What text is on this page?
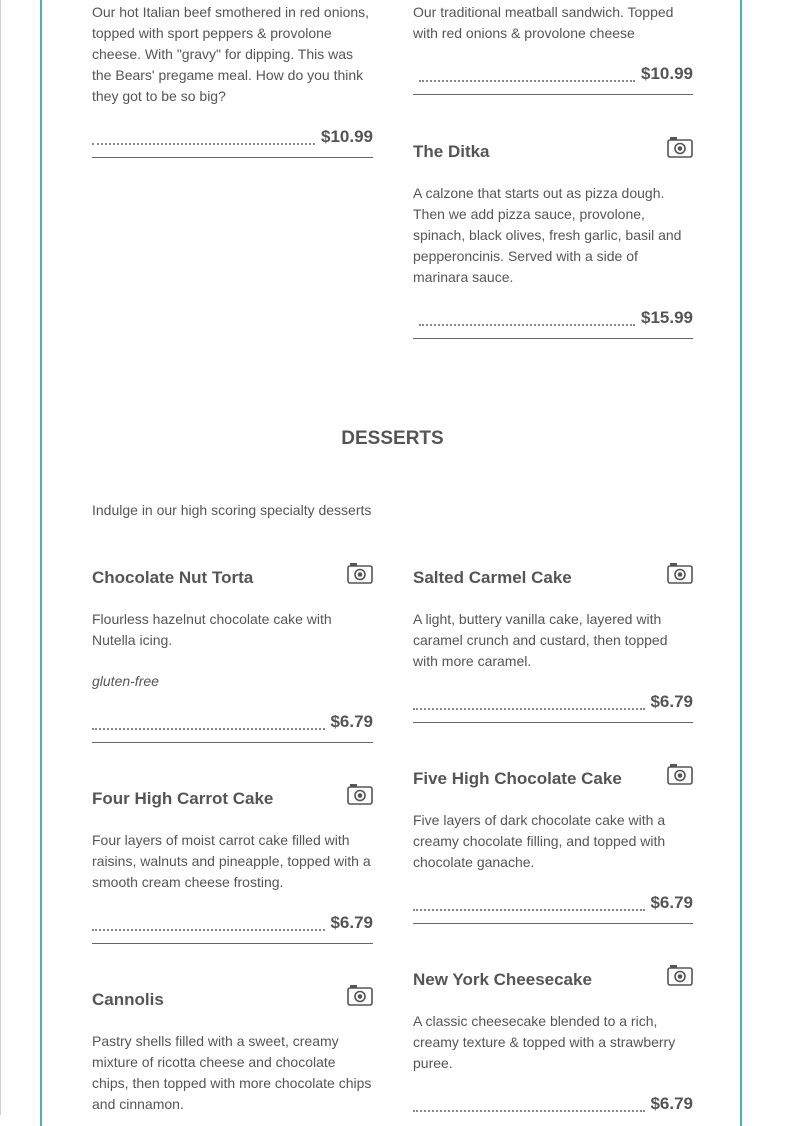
Our hot Italian beef smothered in red onions, topped with sport peppers & provolone cheese. With "gravy" for dipping. This was the Bears' pregame meal. How do you think they got to be so big?

$10.99

Our traditional meatball sandwich. Topped with red onions & provolone cheese

$10.99
The Ditka

A calzone that starts out as pizza dough. Then we add pizza sauce, provolone, spinach, black olives, fresh garlic, basil and pepperoncinis. Served with a side of marinara sauce.

$15.99
DESSERTS

Indulge in our high scoring specialty desserts

Chocolate Nut Torta

Flourless hazelnut chocolate cake with Nutella icing.

gluten-free

$6.79
Salted Carmel Cake

A light, buttery vanilla cake, layered with caramel crunch and custard, then topped with more caramel.

$6.79
Four High Carrot Cake

Four layers of moist carrot cake filled with raisins, walnuts and pineapple, topped with a smooth cream cheese frosting.

$6.79
Five High Chocolate Cake

Five layers of dark chocolate cake with a creamy chocolate filling, and topped with chocolate ganache.

$6.79
Cannolis

Pastry shells filled with a sweet, creamy mixture of ricotta cheese and chocolate chips, then topped with more chocolate chips and cinnamon.

New York Cheesecake

A classic cheesecake blended to a rich, creamy texture & topped with a strawberry puree.

$6.79
